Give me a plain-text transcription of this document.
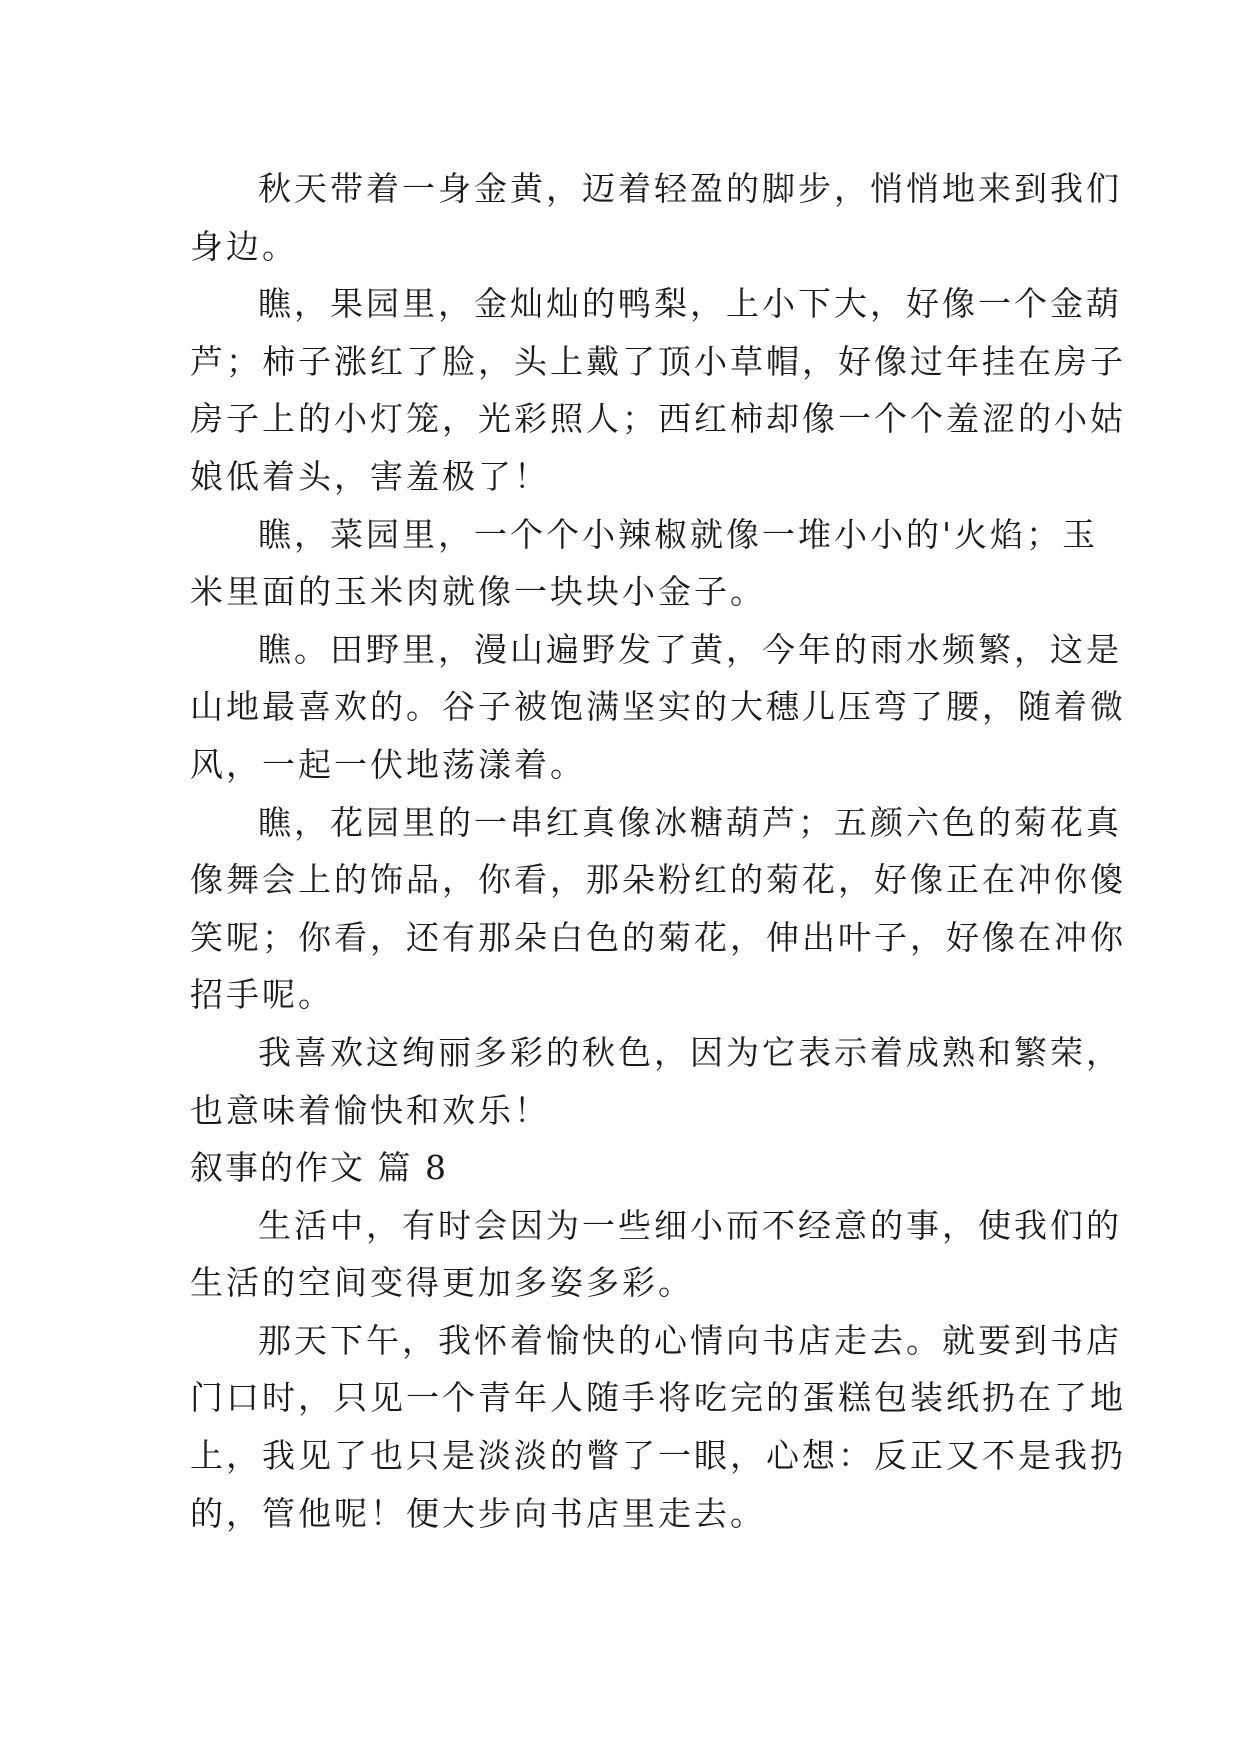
秋天带着一身金黄，迈着轻盈的脚步，悄悄地来到我们
身边。
瞧，果园里，金灿灿的鸭梨，上小下大，好像一个金葫
芦；柿子涨红了脸，头上戴了顶小草帽，好像过年挂在房子
房子上的小灯笼，光彩照人；西红柿却像一个个羞涩的小姑
娘低着头，害羞极了！
瞧，菜园里，一个个小辣椒就像一堆小小的'火焰；玉
米里面的玉米肉就像一块块小金子。
瞧。田野里，漫山遍野发了黄，今年的雨水频繁，这是
山地最喜欢的。谷子被饱满坚实的大穗儿压弯了腰，随着微
风，一起一伏地荡漾着。
瞧，花园里的一串红真像冰糖葫芦；五颜六色的菊花真
像舞会上的饰品，你看，那朵粉红的菊花，好像正在冲你傻
笑呢；你看，还有那朵白色的菊花，伸出叶子，好像在冲你
招手呢。
我喜欢这绚丽多彩的秋色，因为它表示着成熟和繁荣，
也意味着愉快和欢乐！
叙事的作文 篇 8
生活中，有时会因为一些细小而不经意的事，使我们的
生活的空间变得更加多姿多彩。
那天下午，我怀着愉快的心情向书店走去。就要到书店
门口时，只见一个青年人随手将吃完的蛋糕包装纸扔在了地
上，我见了也只是淡淡的瞥了一眼，心想：反正又不是我扔
的，管他呢！便大步向书店里走去。
